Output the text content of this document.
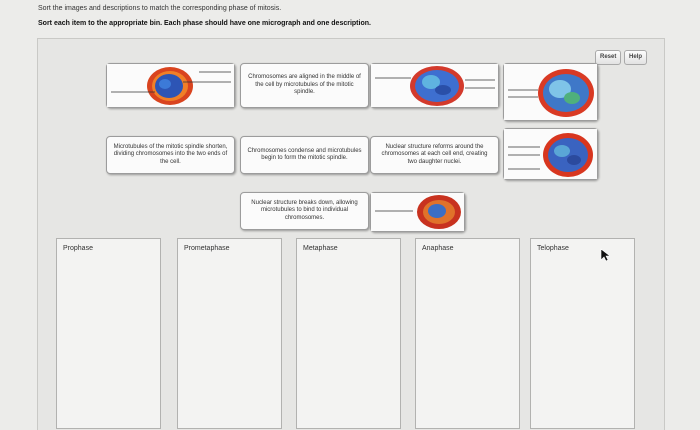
Sort the images and descriptions to match the corresponding phase of mitosis.
Sort each item to the appropriate bin. Each phase should have one micrograph and one description.
Reset	Help
Chromosomes are aligned in the middle of the cell by microtubules of the mitotic spindle.
Microtubules of the mitotic spindle shorten, dividing chromosomes into the two ends of the cell.
Chromosomes condense and microtubules begin to form the mitotic spindle.
Nuclear structure reforms around the chromosomes at each cell end, creating two daughter nuclei.
Nuclear structure breaks down, allowing microtubules to bind to individual chromosomes.
Prophase	Prometaphase	Metaphase	Anaphase	Telophase
